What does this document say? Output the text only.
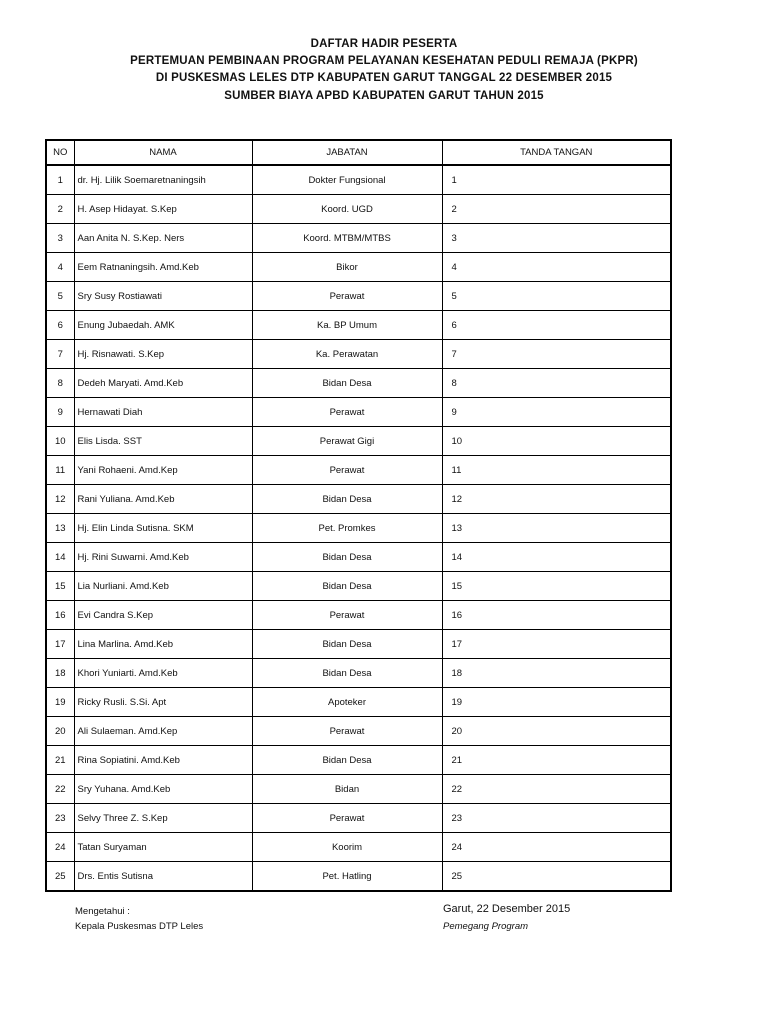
DAFTAR HADIR PESERTA
PERTEMUAN PEMBINAAN PROGRAM PELAYANAN KESEHATAN PEDULI REMAJA (PKPR)
DI PUSKESMAS LELES DTP KABUPATEN GARUT TANGGAL 22 DESEMBER 2015
SUMBER BIAYA APBD KABUPATEN GARUT TAHUN 2015
NO	NAMA	JABATAN	TANDA TANGAN
1	dr. Hj. Lilik Soemaretnaningsih	Dokter Fungsional	1
2	H. Asep Hidayat. S.Kep	Koord. UGD	2
3	Aan Anita N. S.Kep. Ners	Koord. MTBM/MTBS	3
4	Eem Ratnaningsih. Amd.Keb	Bikor	4
5	Sry Susy Rostiawati	Perawat	5
6	Enung Jubaedah. AMK	Ka. BP Umum	6
7	Hj. Risnawati. S.Kep	Ka. Perawatan	7
8	Dedeh Maryati. Amd.Keb	Bidan Desa	8
9	Hernawati Diah	Perawat	9
10	Elis Lisda. SST	Perawat Gigi	10
11	Yani Rohaeni. Amd.Kep	Perawat	11
12	Rani Yuliana. Amd.Keb	Bidan Desa	12
13	Hj. Elin Linda Sutisna. SKM	Pet. Promkes	13
14	Hj. Rini Suwarni. Amd.Keb	Bidan Desa	14
15	Lia Nurliani. Amd.Keb	Bidan Desa	15
16	Evi Candra S.Kep	Perawat	16
17	Lina Marlina. Amd.Keb	Bidan Desa	17
18	Khori Yuniarti. Amd.Keb	Bidan Desa	18
19	Ricky Rusli. S.Si. Apt	Apoteker	19
20	Ali Sulaeman. Amd.Kep	Perawat	20
21	Rina Sopiatini. Amd.Keb	Bidan Desa	21
22	Sry Yuhana. Amd.Keb	Bidan	22
23	Selvy Three Z. S.Kep	Perawat	23
24	Tatan Suryaman	Koorim	24
25	Drs. Entis Sutisna	Pet. Hatling	25
Mengetahui :
Kepala Puskesmas DTP Leles
Garut, 22 Desember 2015
Pemegang Program
